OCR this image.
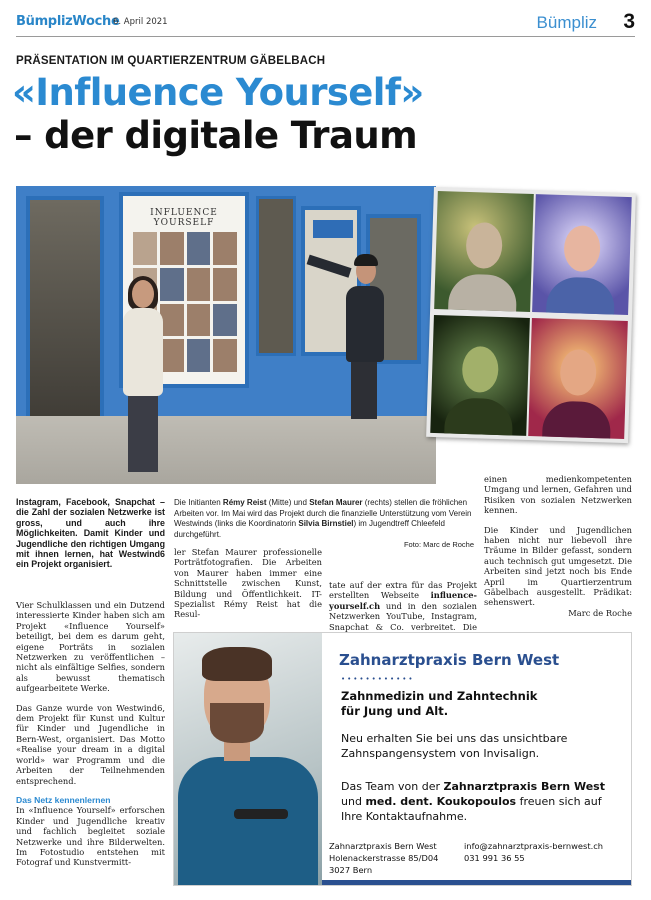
BümplizWoche
6. April 2021	Bümpliz 3
PRÄSENTATION IM QUARTIERZENTRUM GÄBELBACH
«Influence Yourself»
– der digitale Traum
INFLUENCE YOURSELF
Die Initianten Rémy Reist (Mitte) und Stefan Maurer (rechts) stellen die fröhlichen Arbeiten vor. Im Mai wird das Projekt durch die finanzielle Unterstützung vom Verein Westwinds (links die Koordinatorin Silvia Birnstiel) im Jugendtreff Chleefeld durchgeführt.
Foto: Marc de Roche
Instagram, Facebook, Snapchat – die Zahl der sozialen Netzwerke ist gross, und auch ihre Möglichkeiten. Damit Kinder und Jugendliche den richtigen Umgang mit ihnen lernen, hat Westwind6 ein Projekt organisiert.

Vier Schulklassen und ein Dutzend interessierte Kinder haben sich am Projekt «Influence Yourself» beteiligt, bei dem es darum geht, eigene Porträts in sozialen Netzwerken zu veröffentlichen – nicht als einfältige Selfies, sondern als bewusst thematisch aufgearbeitete Werke.

Das Ganze wurde von Westwind6, dem Projekt für Kunst und Kultur für Kinder und Jugendliche in Bern-West, organisiert. Das Motto «Realise your dream in a digital world» war Programm und die Arbeiten der Teilnehmenden entsprechend.

Das Netz kennenlernen

In «Influence Yourself» erforschen Kinder und Jugendliche kreativ und fachlich begleitet soziale Netzwerke und ihre Bilderwelten. Im Fotostudio entstehen mit Fotograf und Kunstvermitt-

ler Stefan Maurer professionelle Porträtfotografien. Die Arbeiten von Maurer haben immer eine Schnittstelle zwischen Kunst, Bildung und Öffentlichkeit. IT-Spezialist Rémy Reist hat die Resul-
tate auf der extra für das Projekt erstellten Webseite influence-yourself.ch und in den sozialen Netzwerken YouTube, Instagram, Snapchat & Co. verbreitet. Die

einen medienkompetenten Umgang und lernen, Gefahren und Risiken von sozialen Netzwerken kennen.

Die Kinder und Jugendlichen haben nicht nur liebevoll ihre Träume in Bilder gefasst, sondern auch technisch gut umgesetzt. Die Arbeiten sind jetzt noch bis Ende April im Quartierzentrum Gäbelbach ausgestellt. Prädikat: sehenswert.

Marc de Roche
Zahnarztpraxis Bern West
••••••••••••
Zahnmedizin und Zahntechnik
für Jung und Alt.
Neu erhalten Sie bei uns das unsichtbare Zahnspangensystem von Invisalign.
Das Team von der Zahnarztpraxis Bern West und med. dent. Koukopoulos freuen sich auf Ihre Kontaktaufnahme.
Zahnarztpraxis Bern West
Holenackerstrasse 85/D04
3027 Bern
info@zahnarztpraxis-bernwest.ch
031 991 36 55
